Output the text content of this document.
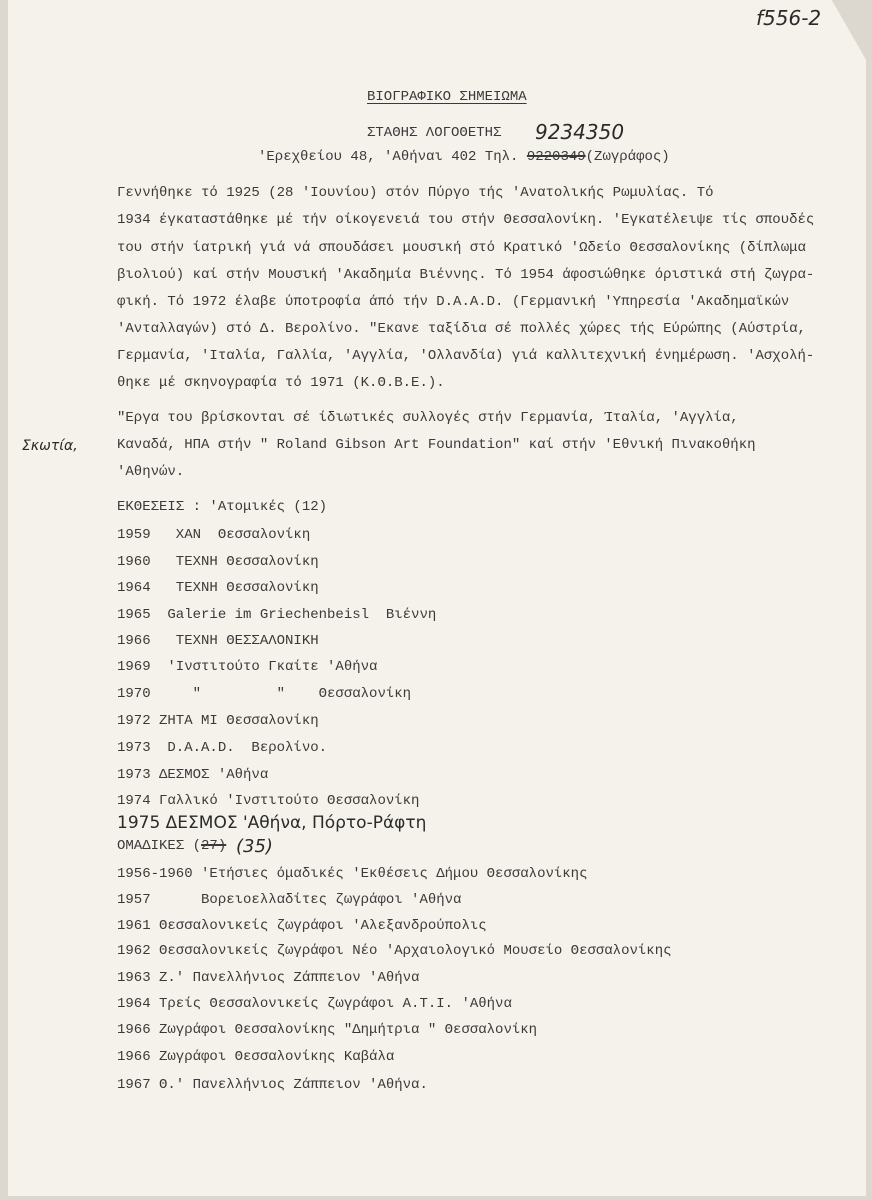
f556-2
ΒΙΟΓΡΑΦΙΚΟ ΣΗΜΕΙΩΜΑ
ΣΤΑΘΗΣ ΛΟΓΟΘΕΤΗΣ 9234350
'Ερεχθείου 48, 'Αθήναι 402 Τηλ. 9220349(Ζωγράφος)
Γεννήθηκε τό 1925 (28 'Ιουνίου) στόν Πύργο τής 'Ανατολικής Ρωμυλίας. Τό
1934 έγκαταστάθηκε μέ τήν οίκογενειά του στήν Θεσσαλονίκη. 'Εγκατέλειψε τίς σπουδές
του στήν ίατρική γιά νά σπουδάσει μουσική στό Κρατικό 'Ωδείο Θεσσαλονίκης (δίπλωμα
βιολιού) καί στήν Μουσική 'Ακαδημία Βιέννης. Τό 1954 άφοσιώθηκε όριστικά στή ζωγρα-
φική. Τό 1972 έλαβε ύποτροφία άπό τήν D.A.A.D. (Γερμανική 'Υπηρεσία 'Ακαδημαϊκών
'Ανταλλαγών) στό Δ. Βερολίνο. "Εκανε ταξίδια σέ πολλές χώρες τής Εύρώπης (Αύστρία,
Γερμανία, 'Ιταλία, Γαλλία, 'Αγγλία, 'Ολλανδία) γιά καλλιτεχνική ένημέρωση. 'Ασχολή-
θηκε μέ σκηνογραφία τό 1971 (Κ.Θ.Β.Ε.).
"Εργα του βρίσκονται σέ ίδιωτικές συλλογές στήν Γερμανία, Ίταλία, 'Αγγλία,
Καναδά, ΗΠΑ στήν " Roland Gibson Art Foundation" καί στήν 'Εθνική Πινακοθήκη
'Αθηνών.
Σκωτία,
ΕΚΘΕΣΕΙΣ : 'Ατομικές (12)
1959   ΧΑΝ  Θεσσαλονίκη
1960   ΤΕΧΝΗ Θεσσαλονίκη
1964   ΤΕΧΝΗ Θεσσαλονίκη
1965  Galerie im Griechenbeisl  Βιέννη
1966   ΤΕΧΝΗ ΘΕΣΣΑΛΟΝΙΚΗ
1969  'Ινστιτούτο Γκαίτε 'Αθήνα
1970     "         "    Θεσσαλονίκη
1972 ΖΗΤΑ ΜΙ Θεσσαλονίκη
1973  D.A.A.D.  Βερολίνο.
1973 ΔΕΣΜΟΣ 'Αθήνα
1974 Γαλλικό 'Ινστιτούτο Θεσσαλονίκη
1975 ΔΕΣΜΟΣ 'Αθήνα, Πόρτο-Ράφτη
ΟΜΑΔΙΚΕΣ (27) (35)
1956-1960 'Ετήσιες όμαδικές 'Εκθέσεις Δήμου Θεσσαλονίκης
1957      Βορειοελλαδίτες ζωγράφοι 'Αθήνα
1961 Θεσσαλονικείς ζωγράφοι 'Αλεξανδρούπολις
1962 Θεσσαλονικείς ζωγράφοι Νέο 'Αρχαιολογικό Μουσείο Θεσσαλονίκης
1963 Ζ.' Πανελλήνιος Ζάππειον 'Αθήνα
1964 Τρείς Θεσσαλονικείς ζωγράφοι Α.Τ.Ι. 'Αθήνα
1966 Ζωγράφοι Θεσσαλονίκης "Δημήτρια " Θεσσαλονίκη
1966 Ζωγράφοι Θεσσαλονίκης Καβάλα
1967 Θ.' Πανελλήνιος Ζάππειον 'Αθήνα.
